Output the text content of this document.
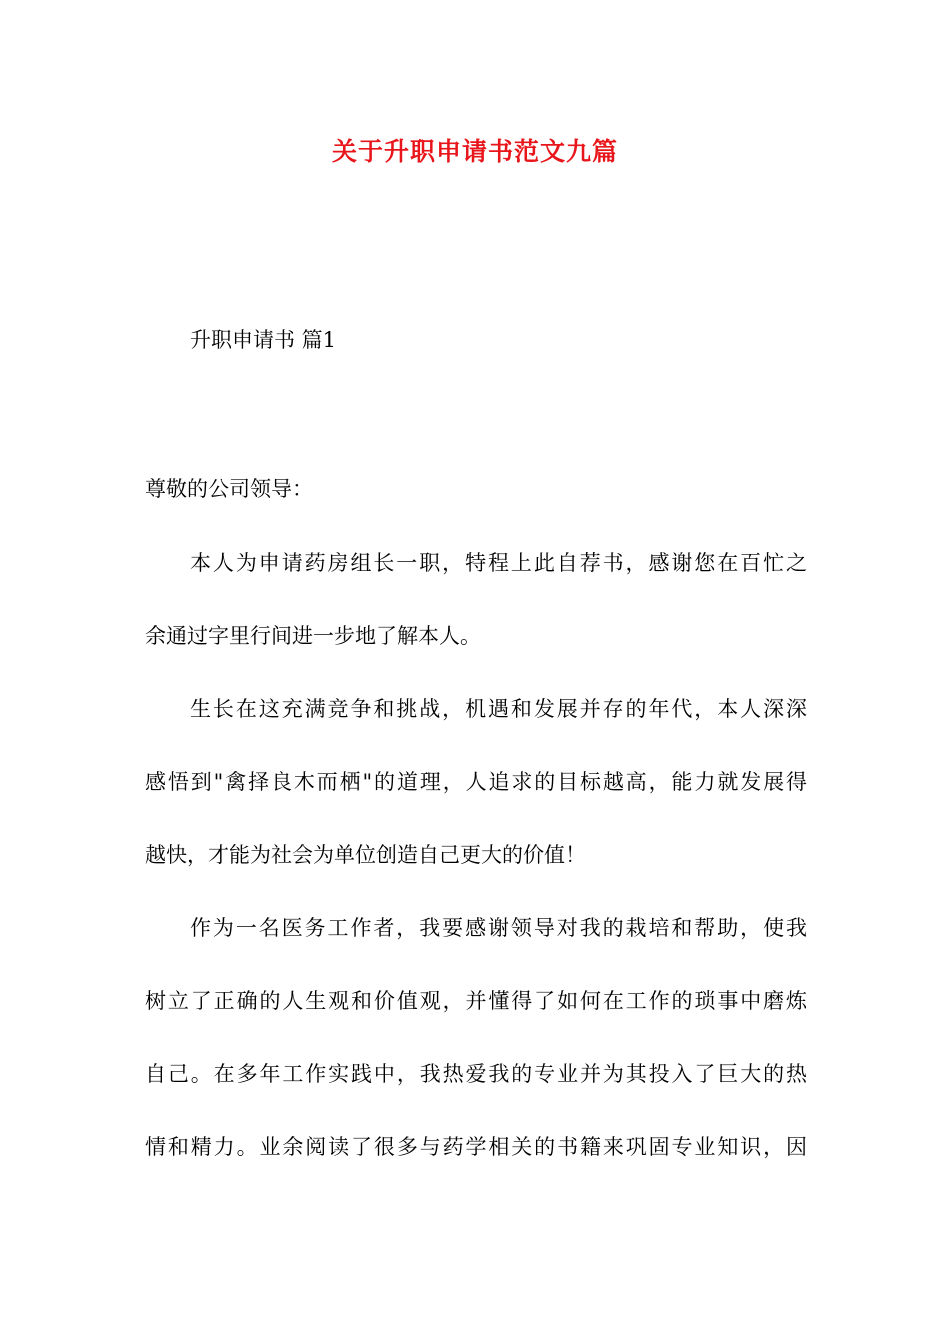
关于升职申请书范文九篇
升职申请书 篇1
尊敬的公司领导：
本人为申请药房组长一职，特程上此自荐书，感谢您在百忙之
余通过字里行间进一步地了解本人。
生长在这充满竞争和挑战，机遇和发展并存的年代，本人深深
感悟到"禽择良木而栖"的道理，人追求的目标越高，能力就发展得
越快，才能为社会为单位创造自己更大的价值！
作为一名医务工作者，我要感谢领导对我的栽培和帮助，使我
树立了正确的人生观和价值观，并懂得了如何在工作的琐事中磨炼
自己。在多年工作实践中，我热爱我的专业并为其投入了巨大的热
情和精力。业余阅读了很多与药学相关的书籍来巩固专业知识，因
